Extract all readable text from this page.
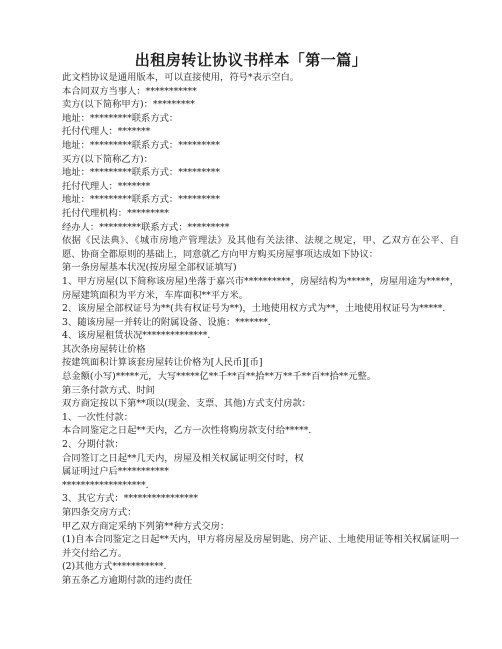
出租房转让协议书样本「第一篇」
此文档协议是通用版本，可以直接使用，符号*表示空白。
本合同双方当事人：***********
卖方(以下简称甲方)：*********
地址：*********联系方式：
托付代理人：*******
地址：*********联系方式：*********
买方(以下简称乙方)：
地址：*********联系方式：*********
托付代理人：*******
地址：*********联系方式：*********
托付代理机构：*********
经办人：*********联系方式：*********
依据《民法典》、《城市房地产管理法》及其他有关法律、法规之规定，甲、乙双方在公平、自愿、协商全都原则的基础上，同意就乙方向甲方购买房屋事项达成如下协议：
第一条房屋基本状况(按房屋全部权证填写)
1、甲方房屋(以下简称该房屋)坐落于嘉兴市**********，房屋结构为*****，房屋用途为*****，房屋建筑面积为平方米，车库面积**平方米。
2、该房屋全部权证号为**(共有权证号为**)，土地使用权方式为**，土地使用权证号为*****.
3、随该房屋一并转让的附属设备、设施：*******.
4、该房屋租赁状况**************.
其次条房屋转让价格
按建筑面积计算该套房屋转让价格为[人民币][币]
总金额(小写)*****元，大写*****亿**千**百**拾**万**千**百**拾**元整。
第三条付款方式、时间
双方商定按以下第**项以(现金、支票、其他)方式支付房款：
1、一次性付款：
本合同鉴定之日起**天内，乙方一次性将购房款支付给*****.
2、分期付款：
合同签订之日起**几天内，房屋及相关权属证明交付时，权
属证明过户后***********
******************.
3、其它方式：****************
第四条交房方式：
甲乙双方商定采纳下列第**种方式交房：
(1)自本合同鉴定之日起**天内，甲方将房屋及房屋钥匙、房产证、土地使用证等相关权属证明一并交付给乙方。
(2)其他方式***********.
第五条乙方逾期付款的违约责任
